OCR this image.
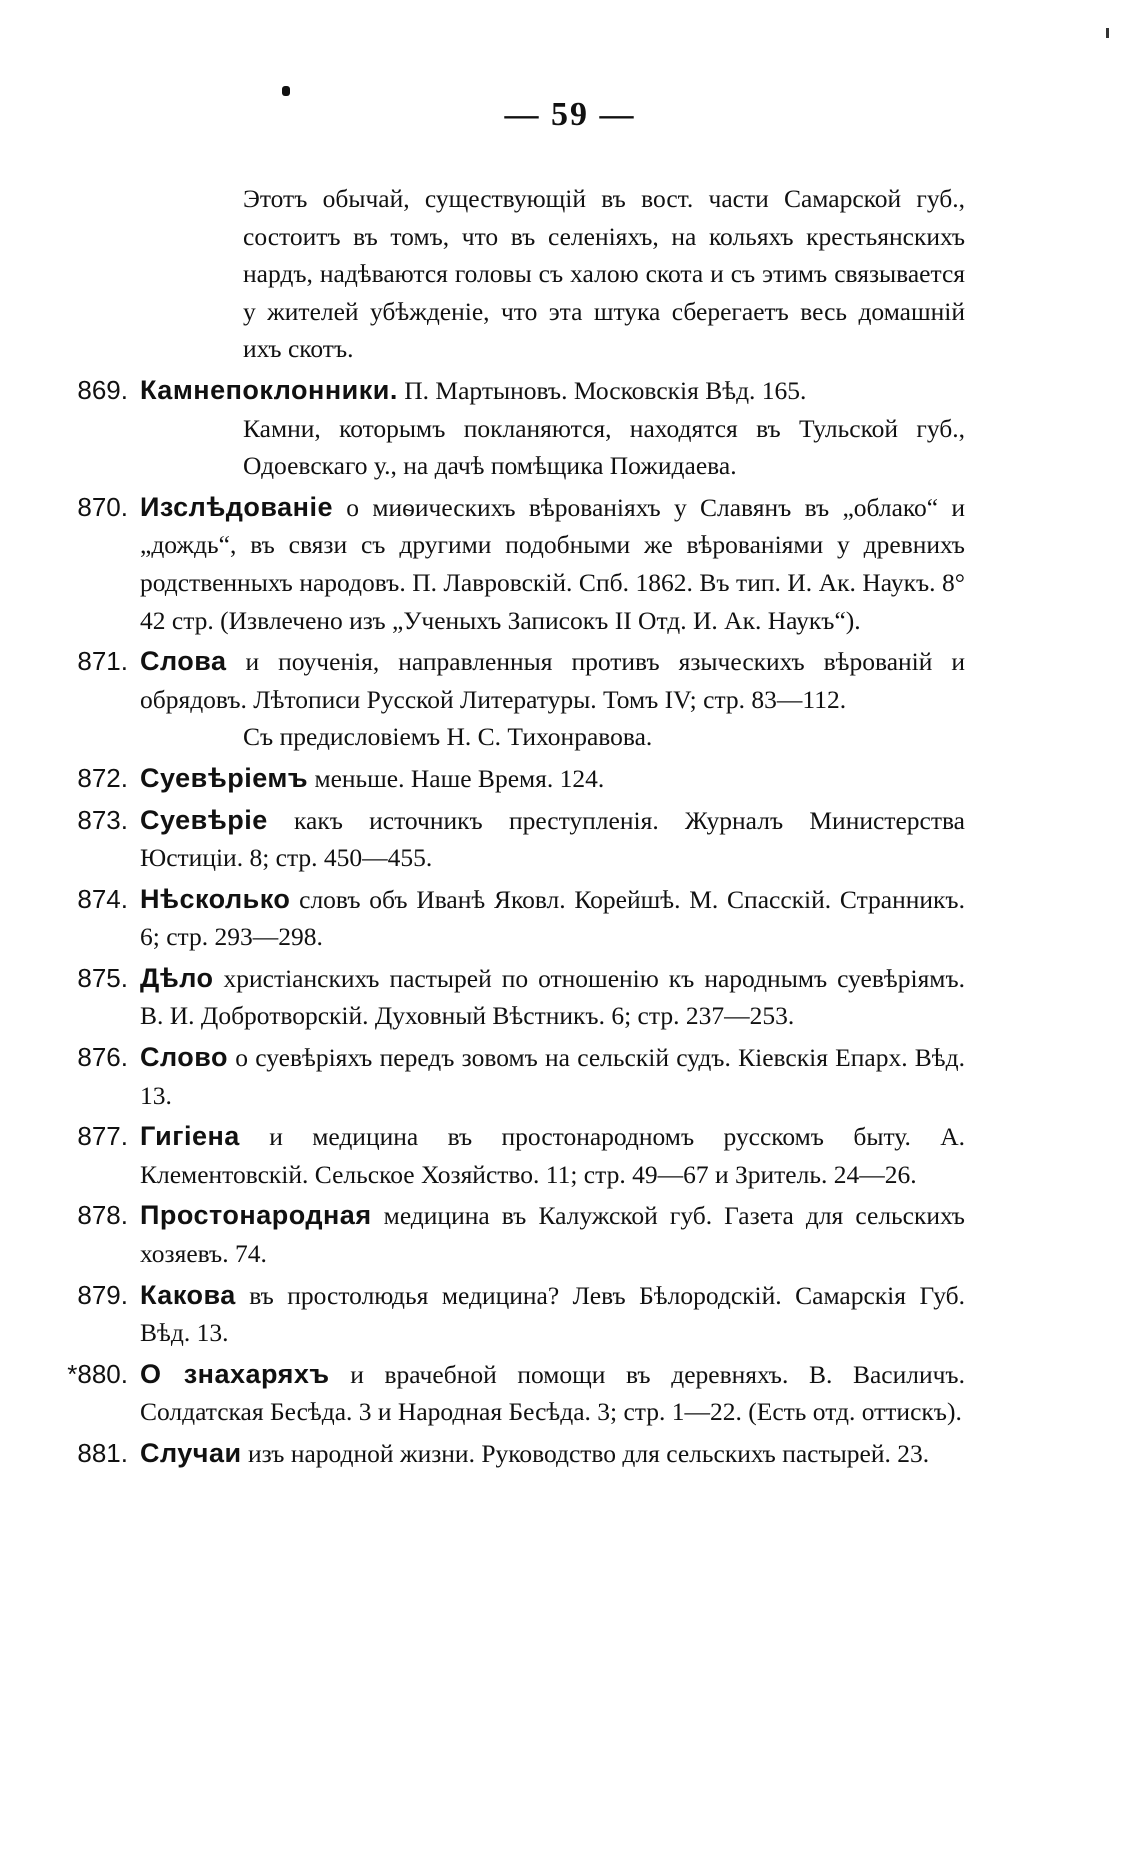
— 59 —
Этотъ обычай, существующій въ вост. части Самарской губ., состоитъ въ томъ, что въ селеніяхъ, на кольяхъ крестьянскихъ нардъ, надѣваются головы съ халою скота и съ этимъ связывается у жителей убѣжденіе, что эта штука сберегаетъ весь домашній ихъ скотъ.
869. Камнепоклонники. П. Мартыновъ. Московскія Вѣд. 165.
Камни, которымъ покланяются, находятся въ Тульской губ., Одоевскаго у., на дачѣ помѣщика Пожидаева.
870. Изслѣдованіе о миѳическихъ вѣрованіяхъ у Славянъ въ „облако“ и „дождь“, въ связи съ другими подобными же вѣрованіями у древнихъ родственныхъ народовъ. П. Лавровскій. Спб. 1862. Въ тип. И. Ак. Наукъ. 8° 42 стр. (Извлечено изъ „Ученыхъ Записокъ II Отд. И. Ак. Наукъ“).
871. Слова и поученія, направленныя противъ языческихъ вѣрованій и обрядовъ. Лѣтописи Русской Литературы. Томъ IV; стр. 83—112.
Съ предисловіемъ Н. С. Тихонравова.
872. Суевѣріемъ меньше. Наше Время. 124.
873. Суевѣріе какъ источникъ преступленія. Журналъ Министерства Юстиціи. 8; стр. 450—455.
874. Нѣсколько словъ объ Иванѣ Яковл. Корейшѣ. М. Спасскій. Странникъ. 6; стр. 293—298.
875. Дѣло христіанскихъ пастырей по отношенію къ народнымъ суевѣріямъ. В. И. Добротворскій. Духовный Вѣстникъ. 6; стр. 237—253.
876. Слово о суевѣріяхъ передъ зовомъ на сельскій судъ. Кіевскія Епарх. Вѣд. 13.
877. Гигіена и медицина въ простонародномъ русскомъ быту. А. Клементовскій. Сельское Хозяйство. 11; стр. 49—67 и Зритель. 24—26.
878. Простонародная медицина въ Калужской губ. Газета для сельскихъ хозяевъ. 74.
879. Какова въ простолюдья медицина? Левъ Бѣлородскій. Самарскія Губ. Вѣд. 13.
*880. О знахаряхъ и врачебной помощи въ деревняхъ. В. Василичъ. Солдатская Бесѣда. 3 и Народная Бесѣда. 3; стр. 1—22. (Есть отд. оттискъ).
881. Случаи изъ народной жизни. Руководство для сельскихъ пастырей. 23.
